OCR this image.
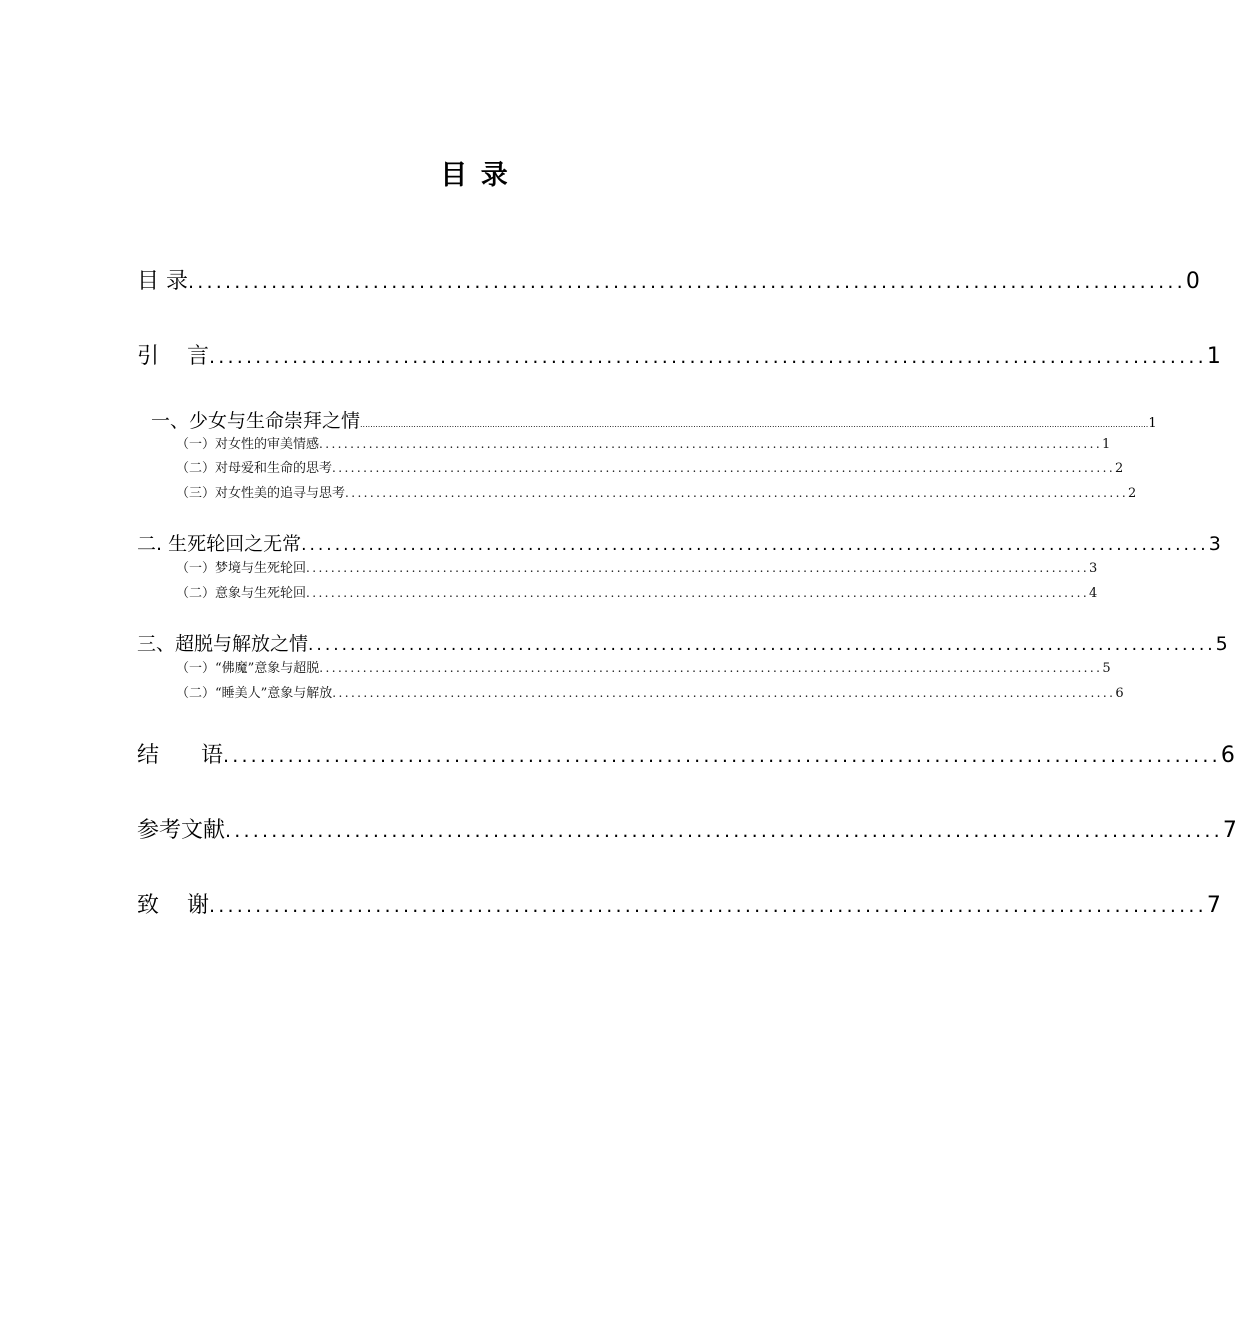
目 录
目 录 ............................................................................................................ 0
引    言 ............................................................................................................ 1
一、少女与生命崇拜之情 ...................................................................................................................................................................................................................................................................................................................... 1
（一）对女性的审美情感 .............................................................................................................................. 1
（二）对母爱和生命的思考 .............................................................................................................................. 2
（三）对女性美的追寻与思考 .............................................................................................................................. 2
二. 生死轮回之无常 ............................................................................................................ 3
（一）梦境与生死轮回 .............................................................................................................................. 3
（二）意象与生死轮回 .............................................................................................................................. 4
三、超脱与解放之情 ............................................................................................................ 5
（一）“佛魔”意象与超脱 .............................................................................................................................. 5
（二）“睡美人”意象与解放 .............................................................................................................................. 6
结      语 ............................................................................................................ 6
参考文献 ............................................................................................................ 7
致    谢 ............................................................................................................ 7
